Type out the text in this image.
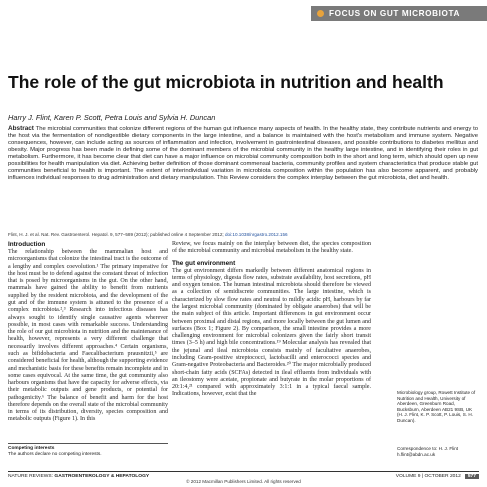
FOCUS ON GUT MICROBIOTA
The role of the gut microbiota in nutrition and health
Harry J. Flint, Karen P. Scott, Petra Louis and Sylvia H. Duncan
Abstract The microbial communities that colonize different regions of the human gut influence many aspects of health. In the healthy state, they contribute nutrients and energy to the host via the fermentation of nondigestible dietary components in the large intestine, and a balance is maintained with the host's metabolism and immune system. Negative consequences, however, can include acting as sources of inflammation and infection, involvement in gastrointestinal diseases, and possible contributions to diabetes mellitus and obesity. Major progress has been made in defining some of the dominant members of the microbial community in the healthy large intestine, and in identifying their roles in gut metabolism. Furthermore, it has become clear that diet can have a major influence on microbial community composition both in the short and long term, which should open up new possibilities for health manipulation via diet. Achieving better definition of those dominant commensal bacteria, community profiles and system characteristics that produce stable gut communities beneficial to health is important. The extent of interindividual variation in microbiota composition within the population has also become apparent, and probably influences individual responses to drug administration and dietary manipulation. This Review considers the complex interplay between the gut microbiota, diet and health.
Flint, H. J. et al. Nat. Rev. Gastroenterol. Hepatol. 9, 577–589 (2012); published online 4 September 2012; doi:10.1038/nrgastro.2012.156
Introduction

The relationship between the mammalian host and microorganisms that colonize the intestinal tract is the outcome of a lengthy and complex coevolution.¹ The primary imperative for the host must be to defend against the constant threat of infection that is posed by microorganisms in the gut. On the other hand, mammals have gained the ability to benefit from nutrients supplied by the resident microbiota, and the development of the gut and of the immune system is attuned to the presence of a complex microbiota.²,³ Research into infectious diseases has always sought to identify single causative agents wherever possible, in most cases with remarkable success. Understanding the role of our gut microbiota in nutrition and the maintenance of health, however, represents a very different challenge that necessarily involves different approaches.⁴ Certain organisms, such as bifidobacteria and Faecalibacterium prausnitzii,⁵ are considered beneficial for health, although the supporting evidence and mechanistic basis for these benefits remain incomplete and in some cases equivocal. At the same time, the gut community also harbours organisms that have the capacity for adverse effects, via their metabolic outputs and gene products, or potential for pathogenicity.⁶ The balance of benefit and harm for the host therefore depends on the overall state of the microbial community in terms of its distribution, diversity, species composition and metabolic outputs (Figure 1). In this

Review, we focus mainly on the interplay between diet, the species composition of the microbial community and microbial metabolism in the healthy state.

The gut environment

The gut environment differs markedly between different anatomical regions in terms of physiology, digesta flow rates, substrate availability, host secretions, pH and oxygen tension. The human intestinal microbiota should therefore be viewed as a collection of semidiscrete communities. The large intestine, which is characterized by slow flow rates and neutral to mildly acidic pH, harbours by far the largest microbial community (dominated by obligate anaerobes) that will be the main subject of this article. Important differences in gut environment occur between proximal and distal regions, and more locally between the gut lumen and surfaces (Box 1; Figure 2). By comparison, the small intestine provides a more challenging environment for microbial colonizers given the fairly short transit times (3–5 h) and high bile concentrations.¹⁹ Molecular analysis has revealed that the jejunal and ileal microbiota consists mainly of facultative anaerobes, including Gram-positive streptococci, lactobacilli and enterococci species and Gram-negative Proteobacteria and Bacteroides.²⁰ The major microbially produced short-chain fatty acids (SCFAs) detected in ileal effluents from individuals with an ileostomy were acetate, propionate and butyrate in the molar proportions of 20:1:4,²¹ compared with approximately 3:1:1 in a typical faecal sample. Indications, however, exist that the	Microbiology group, Rowett Institute of Nutrition and Health, University of Aberdeen, Greenburn Road, Bucksburn, Aberdeen AB21 9SB, UK (H. J. Flint, K. P. Scott, P. Louis, S. H. Duncan).
Correspondence to: H. J. Flint h.flint@abdn.ac.uk
Competing interests
The authors declare no competing interests.
NATURE REVIEWS: GASTROENTEROLOGY & HEPATOLOGY	VOLUME 9 | OCTOBER 2012	577
© 2012 Macmillan Publishers Limited. All rights reserved
